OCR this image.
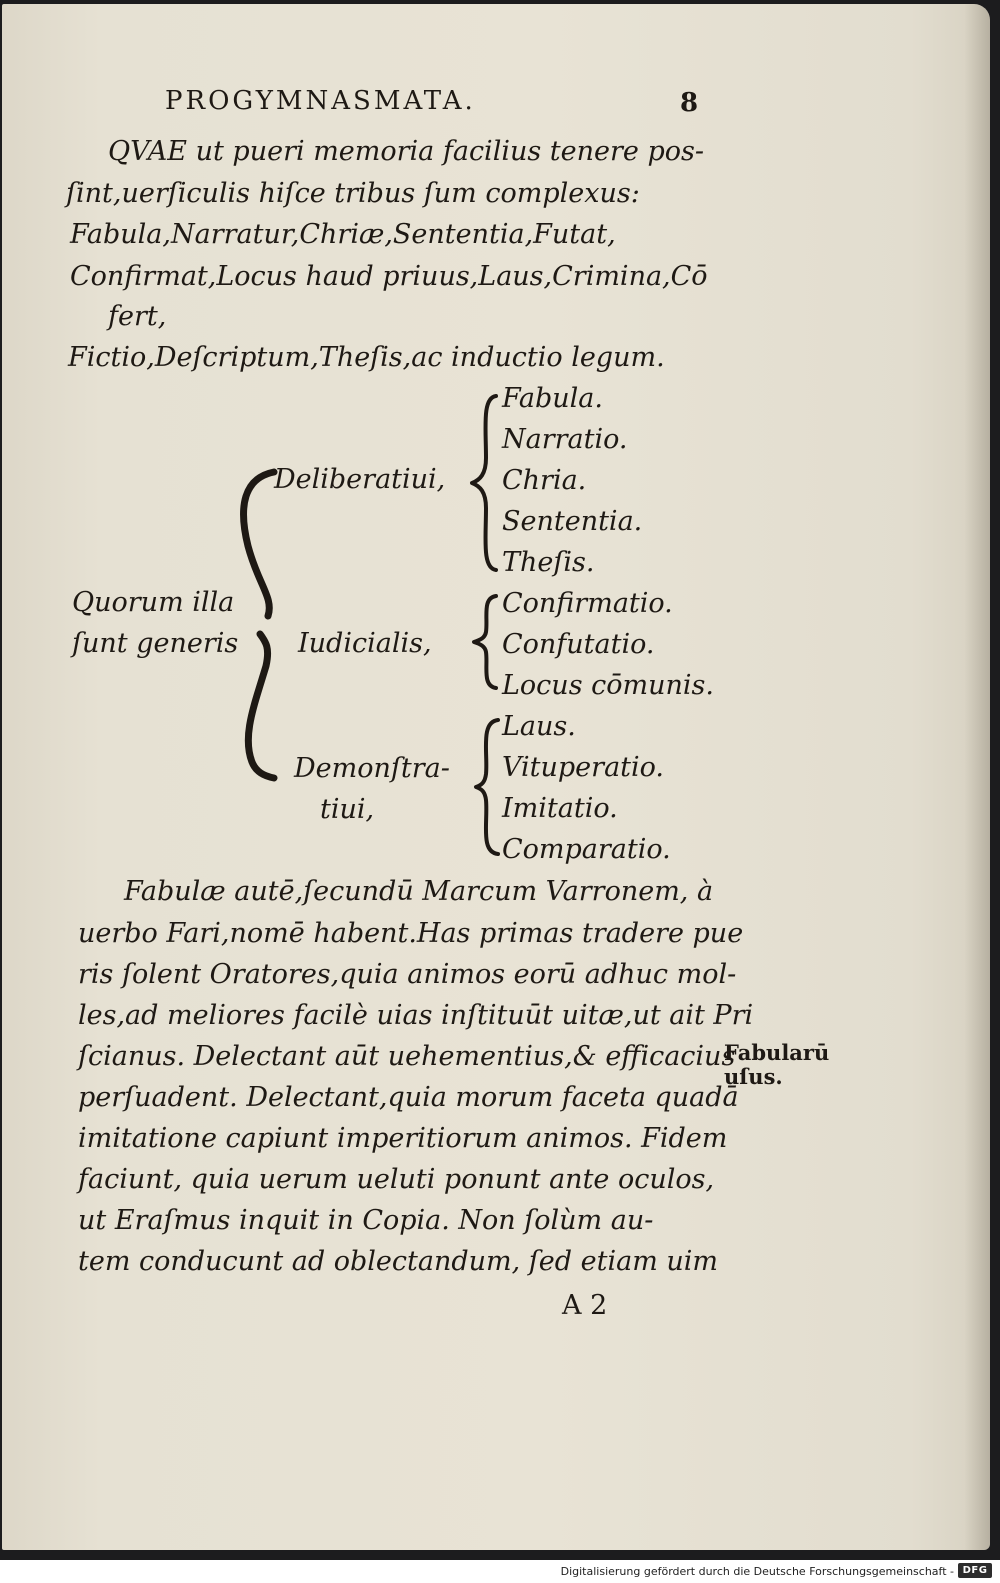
PROGYMNASMATA.	8
QVAE ut pueri memoria facilius tenere pos-
ſint,uerſiculis hiſce tribus ſum complexus:
Fabula,Narratur,Chriæ,Sententia,Futat,
Confirmat,Locus haud priuus,Laus,Crimina,Cō
fert,
Fictio,Deſcriptum,Theſis,ac inductio legum.
Quorum illa
ſunt generis
Deliberatiui,
Iudicialis,
Demonſtra-
tiui,
Fabula.
Narratio.
Chria.
Sententia.
Theſis.
Confirmatio.
Confutatio.
Locus cōmunis.
Laus.
Vituperatio.
Imitatio.
Comparatio.
Fabulæ autē,ſecundū Marcum Varronem, à
uerbo Fari,nomē habent.Has primas tradere pue
ris ſolent Oratores,quia animos eorū adhuc mol-
les,ad meliores facilè uias inſtituūt uitæ,ut ait Pri
ſcianus. Delectant aūt uehementius,& efficacius
perſuadent. Delectant,quia morum faceta quadā
imitatione capiunt imperitiorum animos. Fidem
faciunt, quia uerum ueluti ponunt ante oculos,
ut Eraſmus inquit in Copia. Non ſolùm au-
tem conducunt ad oblectandum, ſed etiam uim
Fabularū
uſus.
A 2
Digitalisierung gefördert durch die Deutsche Forschungsgemeinschaft - DFG
